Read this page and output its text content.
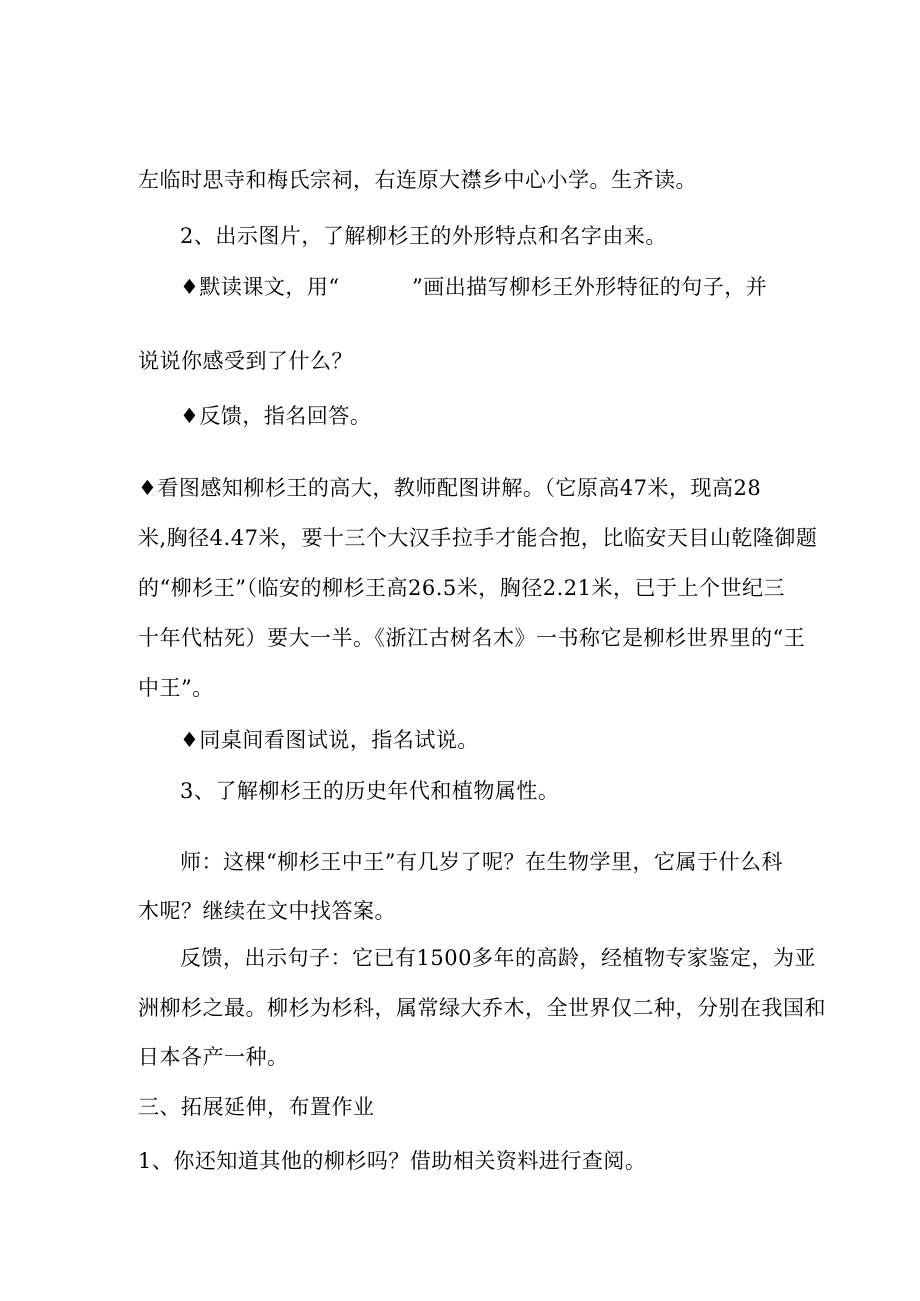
左临时思寺和梅氏宗祠，右连原大襟乡中心小学。生齐读。
2、出示图片，了解柳杉王的外形特点和名字由来。
♦默读课文，用“	”画出描写柳杉王外形特征的句子，并
说说你感受到了什么？
♦反馈，指名回答。
♦看图感知柳杉王的高大，教师配图讲解。（它原高47米，现高28
米,胸径4.47米，要十三个大汉手拉手才能合抱，比临安天目山乾隆御题
的“柳杉王”（临安的柳杉王高26.5米，胸径2.21米，已于上个世纪三
十年代枯死）要大一半。《浙江古树名木》一书称它是柳杉世界里的“王
中王”。
♦同桌间看图试说，指名试说。
3、了解柳杉王的历史年代和植物属性。
师：这棵“柳杉王中王”有几岁了呢？在生物学里，它属于什么科
木呢？继续在文中找答案。
反馈，出示句子：它已有1500多年的高龄，经植物专家鉴定，为亚
洲柳杉之最。柳杉为杉科，属常绿大乔木，全世界仅二种，分别在我国和
日本各产一种。
三、拓展延伸，布置作业
1、你还知道其他的柳杉吗？借助相关资料进行查阅。
